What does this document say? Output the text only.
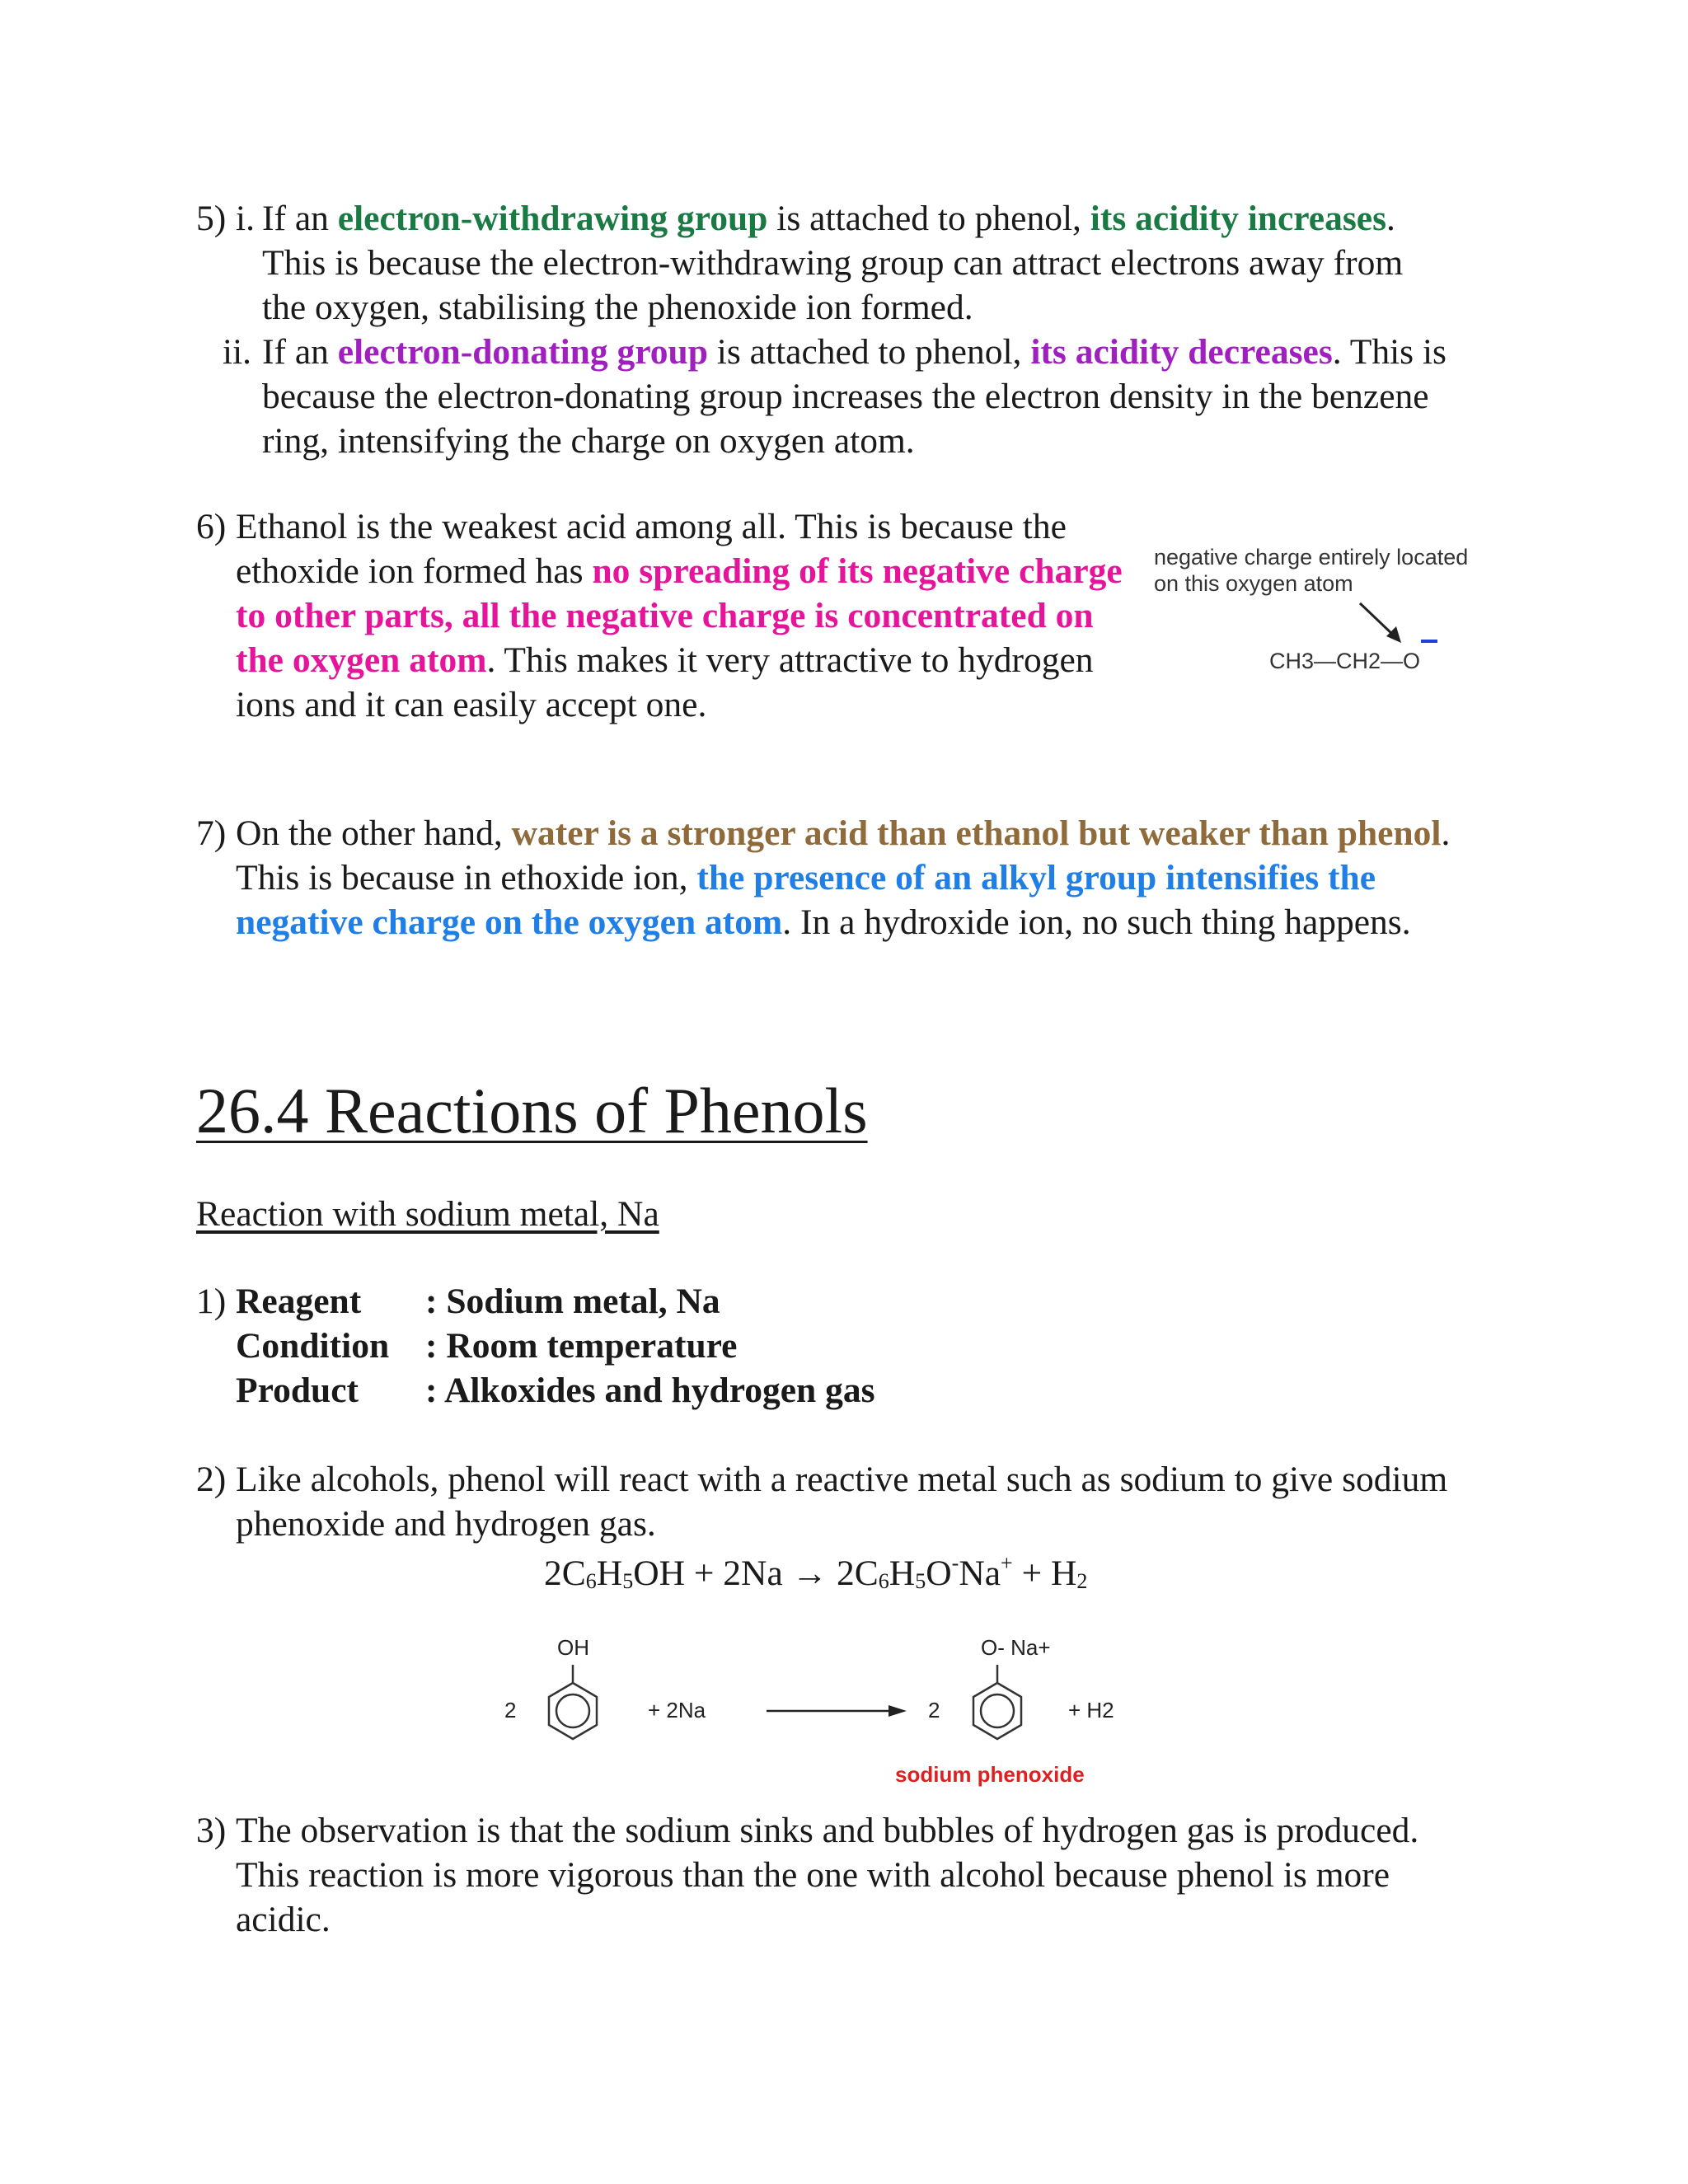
5) i. If an electron-withdrawing group is attached to phenol, its acidity increases. This is because the electron-withdrawing group can attract electrons away from the oxygen, stabilising the phenoxide ion formed.
ii. If an electron-donating group is attached to phenol, its acidity decreases. This is because the electron-donating group increases the electron density in the benzene ring, intensifying the charge on oxygen atom.
6) Ethanol is the weakest acid among all. This is because the ethoxide ion formed has no spreading of its negative charge to other parts, all the negative charge is concentrated on the oxygen atom. This makes it very attractive to hydrogen ions and it can easily accept one.
negative charge entirely located
on this oxygen atom
CH3—CH2—O
7) On the other hand, water is a stronger acid than ethanol but weaker than phenol. This is because in ethoxide ion, the presence of an alkyl group intensifies the negative charge on the oxygen atom. In a hydroxide ion, no such thing happens.
26.4 Reactions of Phenols
Reaction with sodium metal, Na
1) Reagent	: Sodium metal, Na
Condition	: Room temperature
Product	: Alkoxides and hydrogen gas
2) Like alcohols, phenol will react with a reactive metal such as sodium to give sodium phenoxide and hydrogen gas.
$2C_6H_5OH + 2Na \to 2C_6H_5O^-Na^+ + H_2$
OH
2	+ 2Na	2
O- Na+
+ H2
sodium phenoxide
3) The observation is that the sodium sinks and bubbles of hydrogen gas is produced. This reaction is more vigorous than the one with alcohol because phenol is more acidic.
